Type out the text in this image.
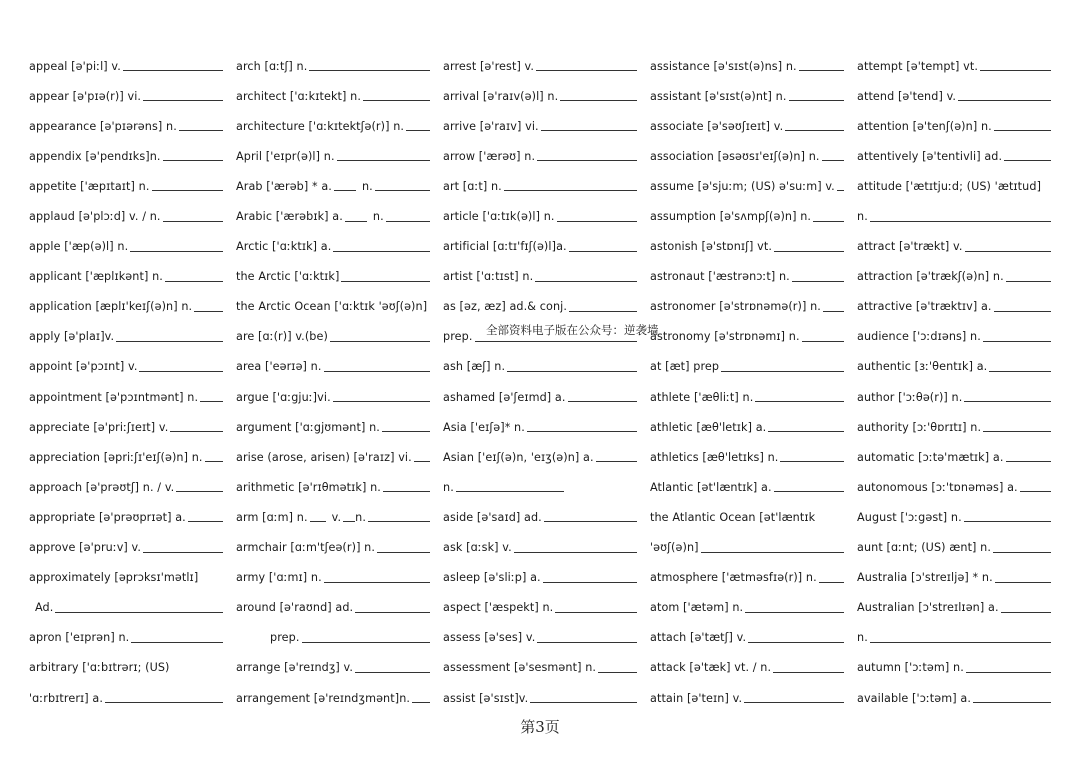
appeal [ə'piːl] v.
appear [ə'pɪə(r)] vi.
appearance [ə'pɪərəns] n.
appendix [ə'pendɪks]n.
appetite ['æpɪtaɪt] n.
applaud [ə'plɔːd] v. / n.
apple ['æp(ə)l] n.
applicant ['æplɪkənt] n.
application [æplɪ'keɪʃ(ə)n] n.
apply [ə'plaɪ]v.
appoint [ə'pɔɪnt] v.
appointment [ə'pɔɪntmənt] n.
appreciate [ə'priːʃɪeɪt] v.
appreciation [əpriːʃɪ'eɪʃ(ə)n] n.
approach [ə'prəʊtʃ] n. / v.
appropriate [ə'prəʊprɪət] a.
approve [ə'pruːv] v.
approximately [əprɔksɪ'mətlɪ]
Ad.
apron ['eɪprən] n.
arbitrary ['ɑːbɪtrərɪ; (US)
'ɑːrbɪtrerɪ] a.
arch [ɑːtʃ] n.
architect ['ɑːkɪtekt] n.
architecture ['ɑːkɪtektʃə(r)] n.
April ['eɪpr(ə)l] n.
Arab ['ærəb] * a.	n.
Arabic ['ærəbɪk] a.	n.
Arctic ['ɑːktɪk] a.
the Arctic ['ɑːktɪk]
the Arctic Ocean ['ɑːktɪk 'əʊʃ(ə)n]
are [ɑː(r)] v.(be)
area ['eərɪə] n.
argue ['ɑːgjuː]vi.
argument ['ɑːgjʊmənt] n.
arise (arose, arisen) [ə'raɪz] vi.
arithmetic [ə'rɪθmətɪk] n.
arm [ɑːm] n. v. n.
armchair [ɑːm'tʃeə(r)] n.
army ['ɑːmɪ] n.
around [ə'raʊnd] ad.
prep.
arrange [ə'reɪndʒ] v.
arrangement [ə'reɪndʒmənt]n.
arrest [ə'rest] v.
arrival [ə'raɪv(ə)l] n.
arrive [ə'raɪv] vi.
arrow ['ærəʊ] n.
art [ɑːt] n.
article ['ɑːtɪk(ə)l] n.
artificial [ɑːtɪ'fɪʃ(ə)l]a.
artist ['ɑːtɪst] n.
as [əz, æz] ad.& conj.
prep.
ash [æʃ] n.
ashamed [ə'ʃeɪmd] a.
Asia ['eɪʃə]* n.
Asian ['eɪʃ(ə)n, 'eɪʒ(ə)n] a.
n.
aside [ə'saɪd] ad.
ask [ɑːsk] v.
asleep [ə'sliːp] a.
aspect ['æspekt] n.
assess [ə'ses] v.
assessment [ə'sesmənt] n.
assist [ə'sɪst]v.
assistance [ə'sɪst(ə)ns] n.
assistant [ə'sɪst(ə)nt] n.
associate [ə'səʊʃɪeɪt] v.
association [əsəʊsɪ'eɪʃ(ə)n] n.
assume [ə'sjuːm; (US) ə'suːm] v.
assumption [ə'sʌmpʃ(ə)n] n.
astonish [ə'stɒnɪʃ] vt.
astronaut ['æstrənɔːt] n.
astronomer [ə'strɒnəmə(r)] n.
astronomy [ə'strɒnəmɪ] n.
at [æt] prep
athlete ['æθliːt] n.
athletic [æθ'letɪk] a.
athletics [æθ'letɪks] n.
Atlantic [ət'læntɪk] a.
the Atlantic Ocean [ət'læntɪk
'əʊʃ(ə)n]
atmosphere ['ætməsfɪə(r)] n.
atom ['ætəm] n.
attach [ə'tætʃ] v.
attack [ə'tæk] vt. / n.
attain [ə'teɪn] v.
attempt [ə'tempt] vt.
attend [ə'tend] v.
attention [ə'tenʃ(ə)n] n.
attentively [ə'tentivli] ad.
attitude ['ætɪtjuːd; (US) 'ætɪtud]
n.
attract [ə'trækt] v.
attraction [ə'trækʃ(ə)n] n.
attractive [ə'træktɪv] a.
audience ['ɔːdɪəns] n.
authentic [ɜː'θentɪk] a.
author ['ɔːθə(r)] n.
authority [ɔː'θɒrɪtɪ] n.
automatic [ɔːtə'mætɪk] a.
autonomous [ɔː'tɒnəməs] a.
August ['ɔːgəst] n.
aunt [ɑːnt; (US) ænt] n.
Australia [ɔ'streɪljə] * n.
Australian [ɔ'streɪlɪən] a.
n.
autumn ['ɔːtəm] n.
available ['ɔːtəm] a.
全部资料电子版在公众号：逆袭墙
第3页
